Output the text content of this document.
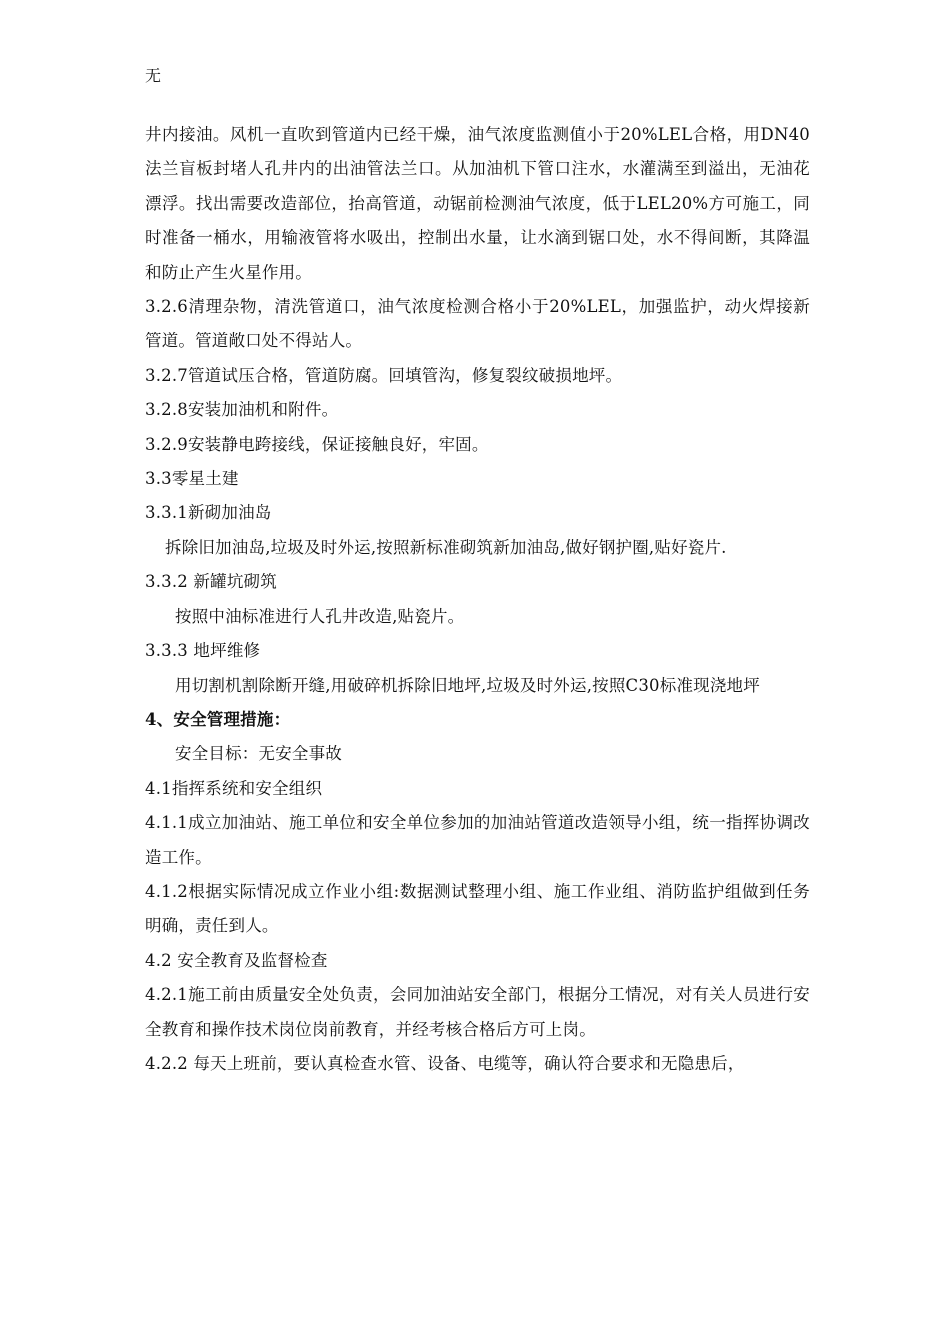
无

井内接油。风机一直吹到管道内已经干燥，油气浓度监测值小于20%LEL合格，用DN40法兰盲板封堵人孔井内的出油管法兰口。从加油机下管口注水，水灌满至到溢出，无油花漂浮。找出需要改造部位，抬高管道，动锯前检测油气浓度，低于LEL20%方可施工，同时准备一桶水，用输液管将水吸出，控制出水量，让水滴到锯口处，水不得间断，其降温和防止产生火星作用。

3.2.6清理杂物，清洗管道口，油气浓度检测合格小于20%LEL，加强监护，动火焊接新管道。管道敞口处不得站人。

3.2.7管道试压合格，管道防腐。回填管沟，修复裂纹破损地坪。

3.2.8安装加油机和附件。

3.2.9安装静电跨接线，保证接触良好，牢固。

3.3零星土建

3.3.1新砌加油岛

拆除旧加油岛,垃圾及时外运,按照新标准砌筑新加油岛,做好钢护圈,贴好瓷片.

3.3.2 新罐坑砌筑

按照中油标准进行人孔井改造,贴瓷片。

3.3.3 地坪维修

用切割机割除断开缝,用破碎机拆除旧地坪,垃圾及时外运,按照C30标准现浇地坪

4、安全管理措施：

安全目标：无安全事故

4.1指挥系统和安全组织

4.1.1成立加油站、施工单位和安全单位参加的加油站管道改造领导小组，统一指挥协调改造工作。

4.1.2根据实际情况成立作业小组:数据测试整理小组、施工作业组、消防监护组做到任务明确，责任到人。

4.2 安全教育及监督检查

4.2.1施工前由质量安全处负责，会同加油站安全部门，根据分工情况，对有关人员进行安全教育和操作技术岗位岗前教育，并经考核合格后方可上岗。

4.2.2 每天上班前，要认真检查水管、设备、电缆等，确认符合要求和无隐患后，
